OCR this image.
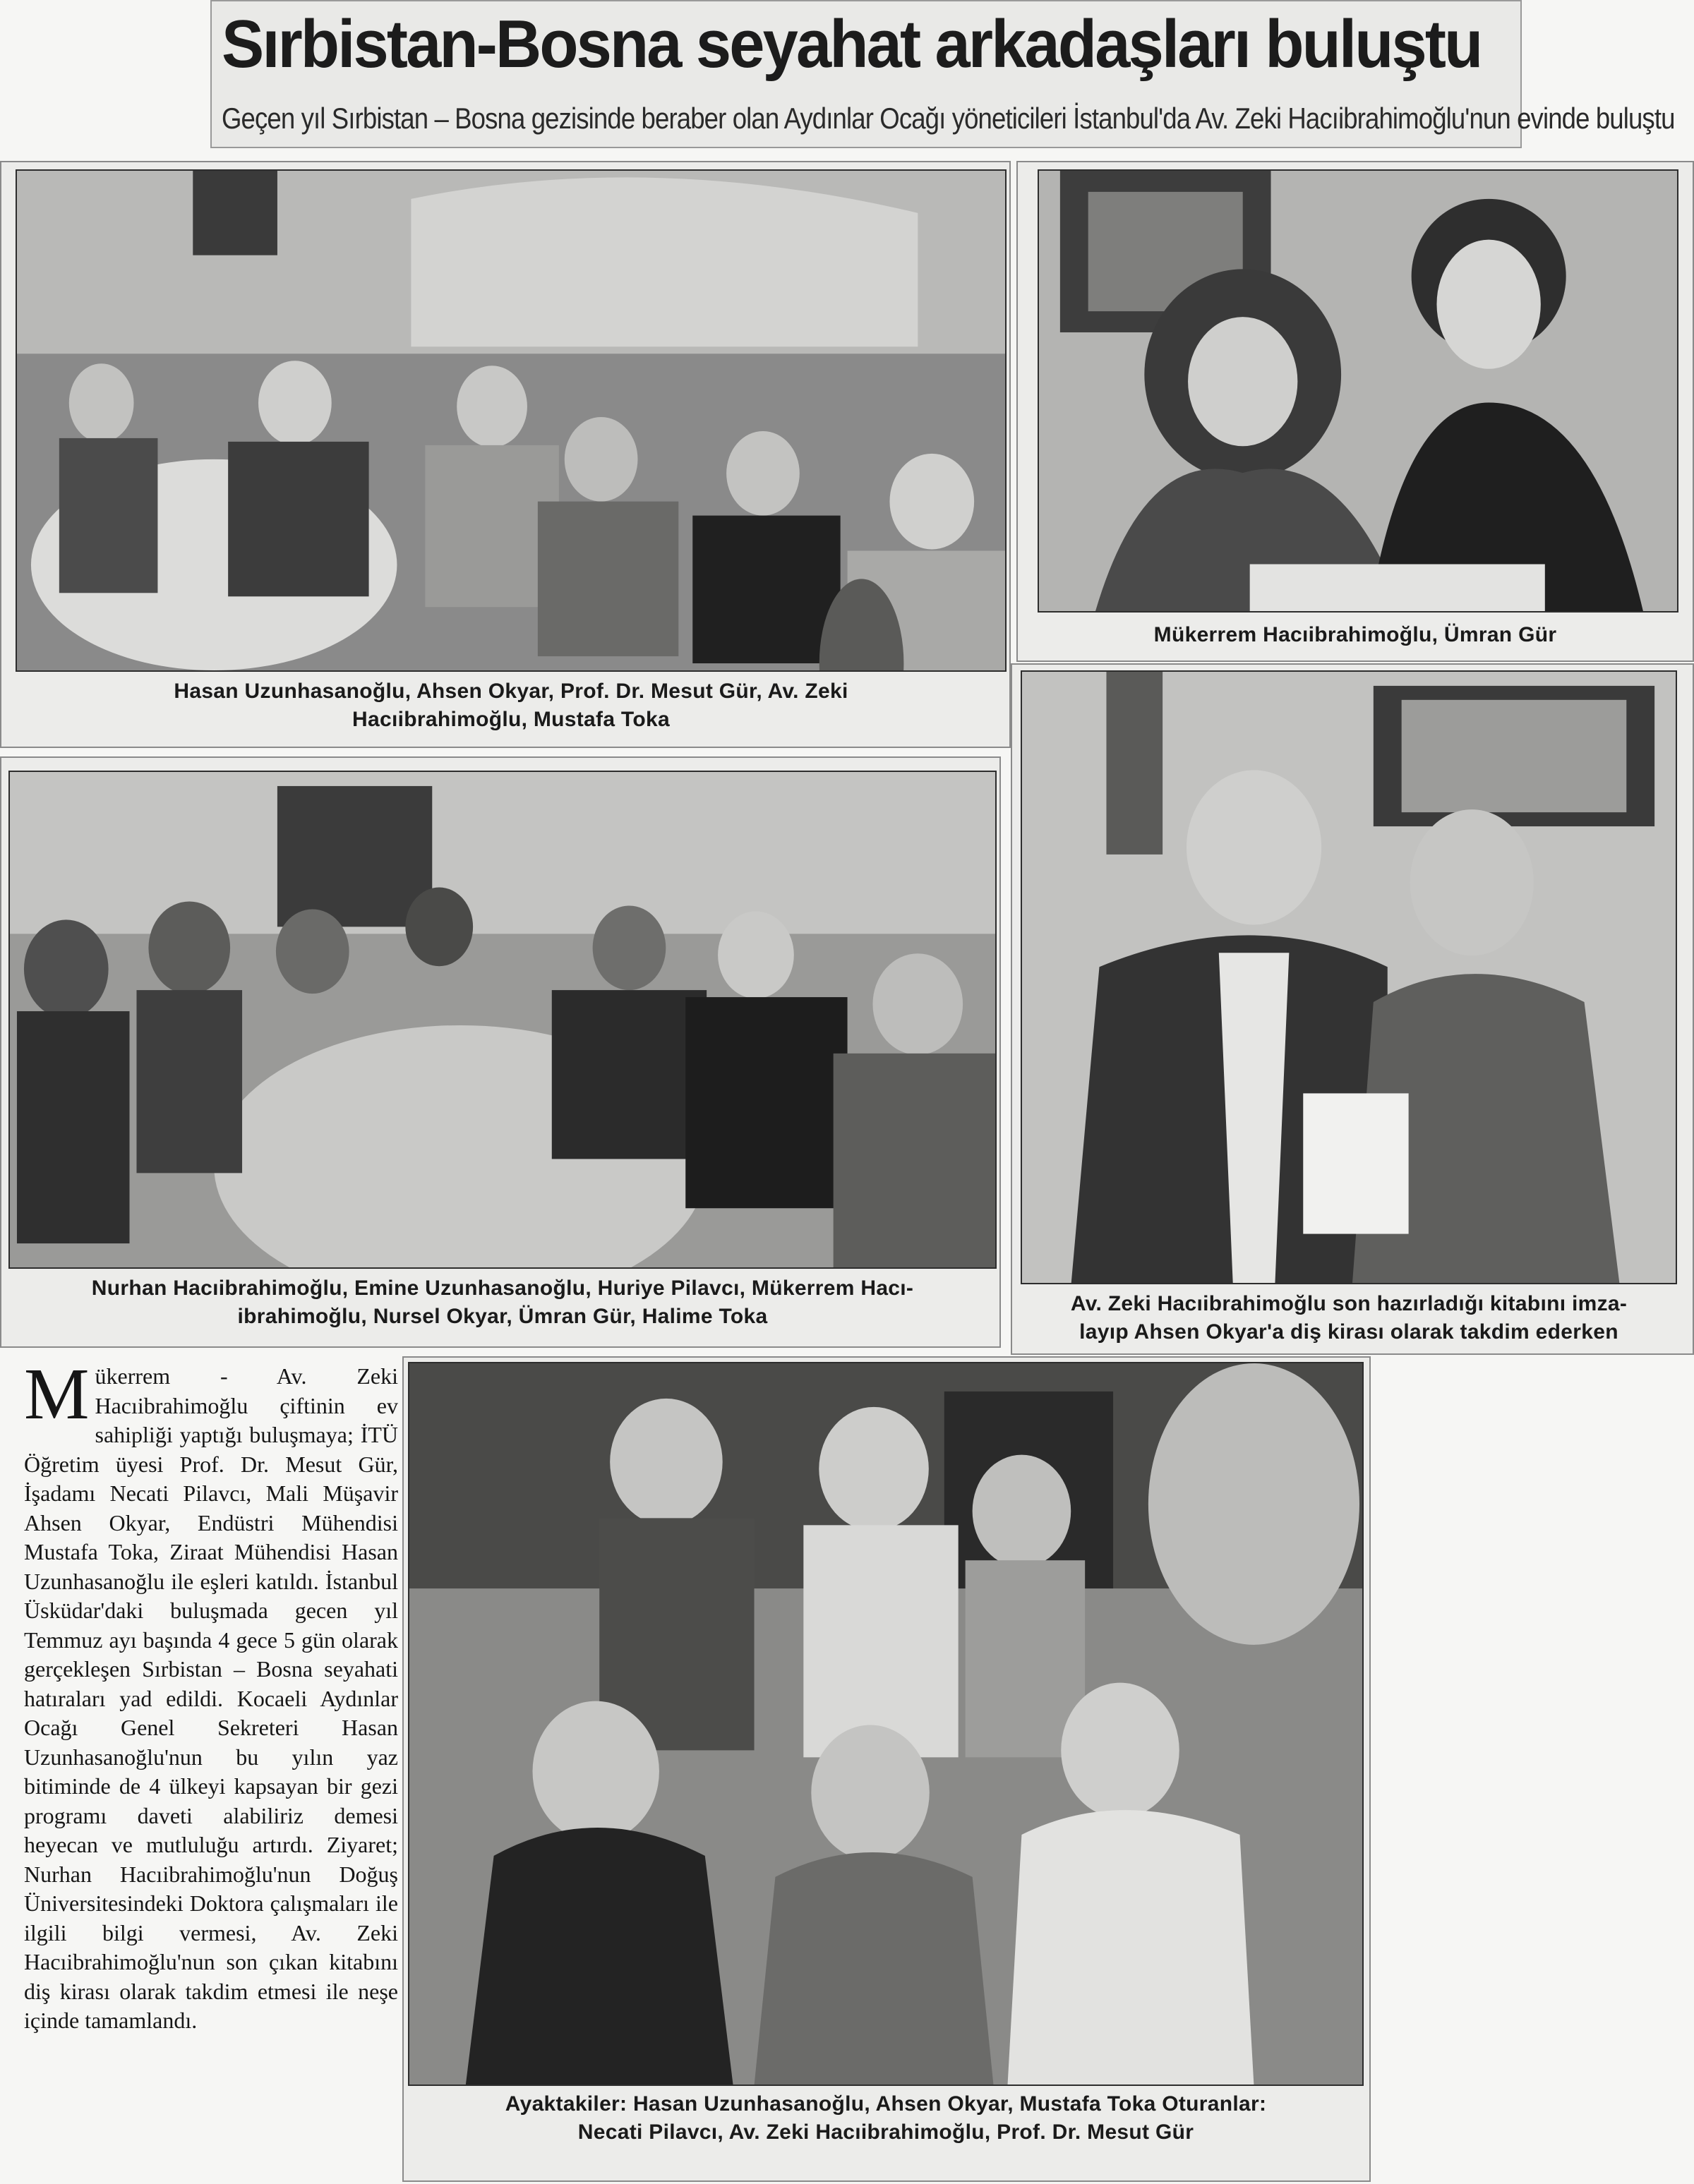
Sırbistan-Bosna seyahat arkadaşları buluştu
Geçen yıl Sırbistan – Bosna gezisinde beraber olan Aydınlar Ocağı yöneticileri İstanbul'da Av. Zeki Hacıibrahimoğlu'nun evinde buluştu
Hasan Uzunhasanoğlu, Ahsen Okyar, Prof. Dr. Mesut Gür, Av. Zeki
Hacıibrahimoğlu, Mustafa Toka
Mükerrem Hacıibrahimoğlu, Ümran Gür
Nurhan Hacıibrahimoğlu, Emine Uzunhasanoğlu, Huriye Pilavcı, Mükerrem Hacı-
ibrahimoğlu, Nursel Okyar, Ümran Gür, Halime Toka
Av. Zeki Hacıibrahimoğlu son hazırladığı kitabını imza-
layıp Ahsen Okyar'a diş kirası olarak takdim ederken
Ayaktakiler: Hasan Uzunhasanoğlu, Ahsen Okyar, Mustafa Toka Oturanlar:
Necati Pilavcı, Av. Zeki Hacıibrahimoğlu, Prof. Dr. Mesut Gür
Mükerrem - Av. Zeki Hacıibrahimoğlu çiftinin ev sahipliği yaptığı buluşmaya; İTÜ Öğretim üyesi Prof. Dr. Mesut Gür, İşadamı Necati Pilavcı, Mali Müşavir Ahsen Okyar, Endüstri Mühendisi Mustafa Toka, Ziraat Mühendisi Hasan Uzunhasanoğlu ile eşleri katıldı. İstanbul Üsküdar'daki buluşmada gecen yıl Temmuz ayı başında 4 gece 5 gün olarak gerçekleşen Sırbistan – Bosna seyahati hatıraları yad edildi. Kocaeli Aydınlar Ocağı Genel Sekreteri Hasan Uzunhasanoğlu'nun bu yılın yaz bitiminde de 4 ülkeyi kapsayan bir gezi programı daveti alabiliriz demesi heyecan ve mutluluğu artırdı. Ziyaret; Nurhan Hacıibrahimoğlu'nun Doğuş Üniversitesindeki Doktora çalışmaları ile ilgili bilgi vermesi, Av. Zeki Hacıibrahimoğlu'nun son çıkan kitabını diş kirası olarak takdim etmesi ile neşe içinde tamamlandı.
